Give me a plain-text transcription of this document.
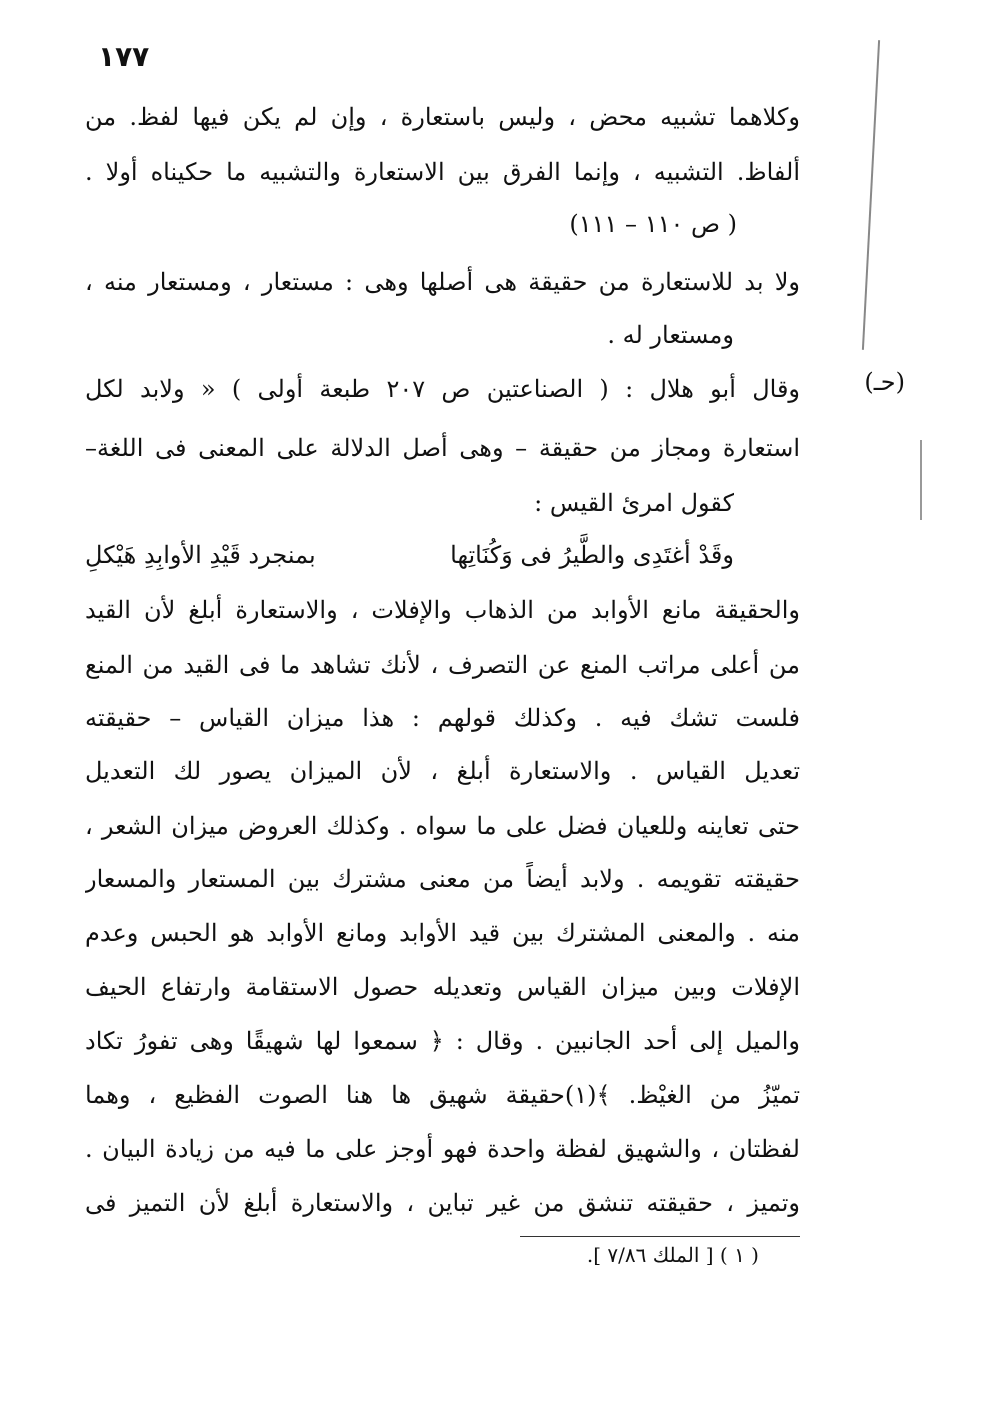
١٧٧
وكلاهما تشبيه محض ، وليس باستعارة ، وإن لم يكن فيها لفظ. من
ألفاظ. التشبيه ، وإنما الفرق بين الاستعارة والتشبيه ما حكيناه أولا .
( ص ١١٠ – ١١١)
ولا بد للاستعارة من حقيقة هى أصلها وهى : مستعار ، ومستعار منه ،
ومستعار له .
(حـ)
وقال أبو هلال : ( الصناعتين ص ٢٠٧ طبعة أولى ) « ولابد لكل
استعارة ومجاز من حقيقة – وهى أصل الدلالة على المعنى فى اللغة–
كقول امرئ القيس :
وقَدْ أغتَدِى والطَّيرُ فى وَكُنَاتِها
بمنجرد قَيْدِ الأوابِدِ هَيْكلِ
والحقيقة مانع الأوابد من الذهاب والإفلات ، والاستعارة أبلغ لأن القيد
من أعلى مراتب المنع عن التصرف ، لأنك تشاهد ما فى القيد من المنع
فلست تشك فيه . وكذلك قولهم : هذا ميزان القياس – حقيقته
تعديل القياس . والاستعارة أبلغ ، لأن الميزان يصور لك التعديل
حتى تعاينه وللعيان فضل على ما سواه . وكذلك العروض ميزان الشعر ،
حقيقته تقويمه . ولابد أيضاً من معنى مشترك بين المستعار والمسعار
منه . والمعنى المشترك بين قيد الأوابد ومانع الأوابد هو الحبس وعدم
الإفلات وبين ميزان القياس وتعديله حصول الاستقامة وارتفاع الحيف
والميل إلى أحد الجانبين . وقال : ﴿ سمعوا لها شهيقًا وهى تفورُ تكاد
تميّزُ من الغيْظ. ﴾(١)حقيقة شهيق ها هنا الصوت الفظيع ، وهما
لفظتان ، والشهيق لفظة واحدة فهو أوجز على ما فيه من زيادة البيان .
وتميز ، حقيقته تنشق من غير تباين ، والاستعارة أبلغ لأن التميز فى
( ١ ) [ الملك ٧/٨٦ ].
